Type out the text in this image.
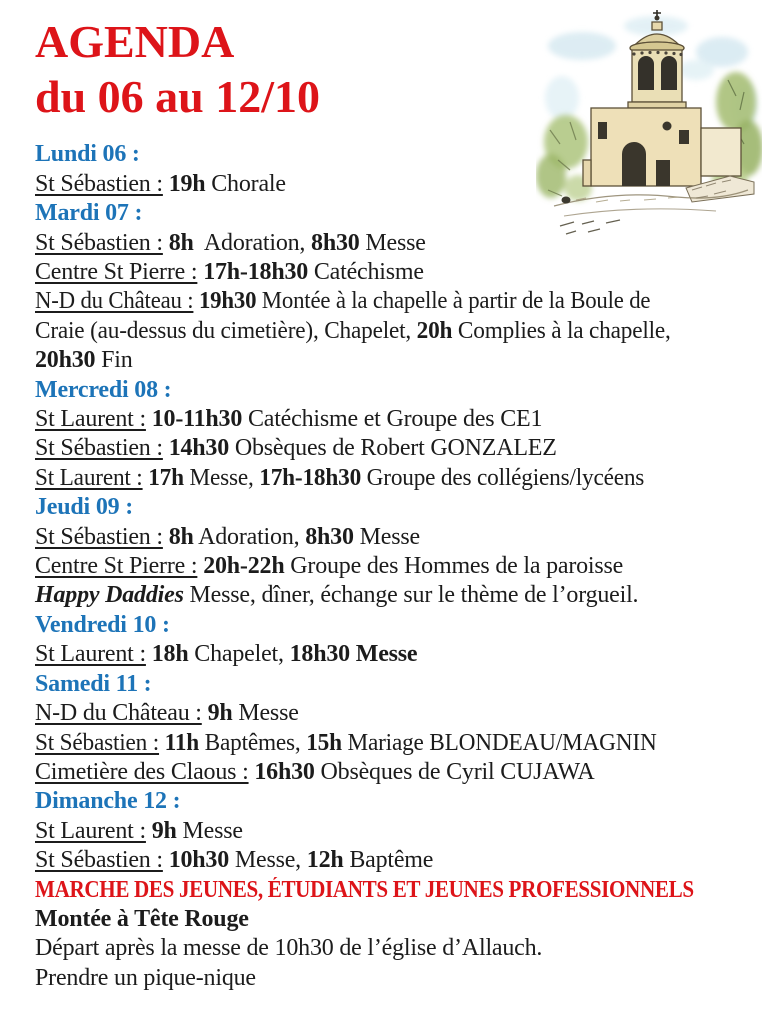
AGENDA
du 06 au 12/10

Lundi 06 :

St Sébastien : 19h Chorale

Mardi 07 :

St Sébastien : 8h  Adoration, 8h30 Messe

Centre St Pierre : 17h-18h30 Catéchisme

N-D du Château : 19h30 Montée à la chapelle à partir de la Boule de

Craie (au-dessus du cimetière), Chapelet, 20h Complies à la chapelle,

20h30 Fin

Mercredi 08 :

St Laurent : 10-11h30 Catéchisme et Groupe des CE1

St Sébastien : 14h30 Obsèques de Robert GONZALEZ

St Laurent : 17h Messe, 17h-18h30 Groupe des collégiens/lycéens

Jeudi 09 :

St Sébastien : 8h Adoration, 8h30 Messe

Centre St Pierre : 20h-22h Groupe des Hommes de la paroisse

Happy Daddies Messe, dîner, échange sur le thème de l’orgueil.

Vendredi 10 :

St Laurent : 18h Chapelet, 18h30 Messe

Samedi 11 :

N-D du Château : 9h Messe

St Sébastien : 11h Baptêmes, 15h Mariage BLONDEAU/MAGNIN

Cimetière des Claous : 16h30 Obsèques de Cyril CUJAWA

Dimanche 12 :

St Laurent : 9h Messe

St Sébastien : 10h30 Messe, 12h Baptême

MARCHE DES JEUNES, ÉTUDIANTS ET JEUNES PROFESSIONNELS

Montée à Tête Rouge

Départ après la messe de 10h30 de l’église d’Allauch.

Prendre un pique-nique
